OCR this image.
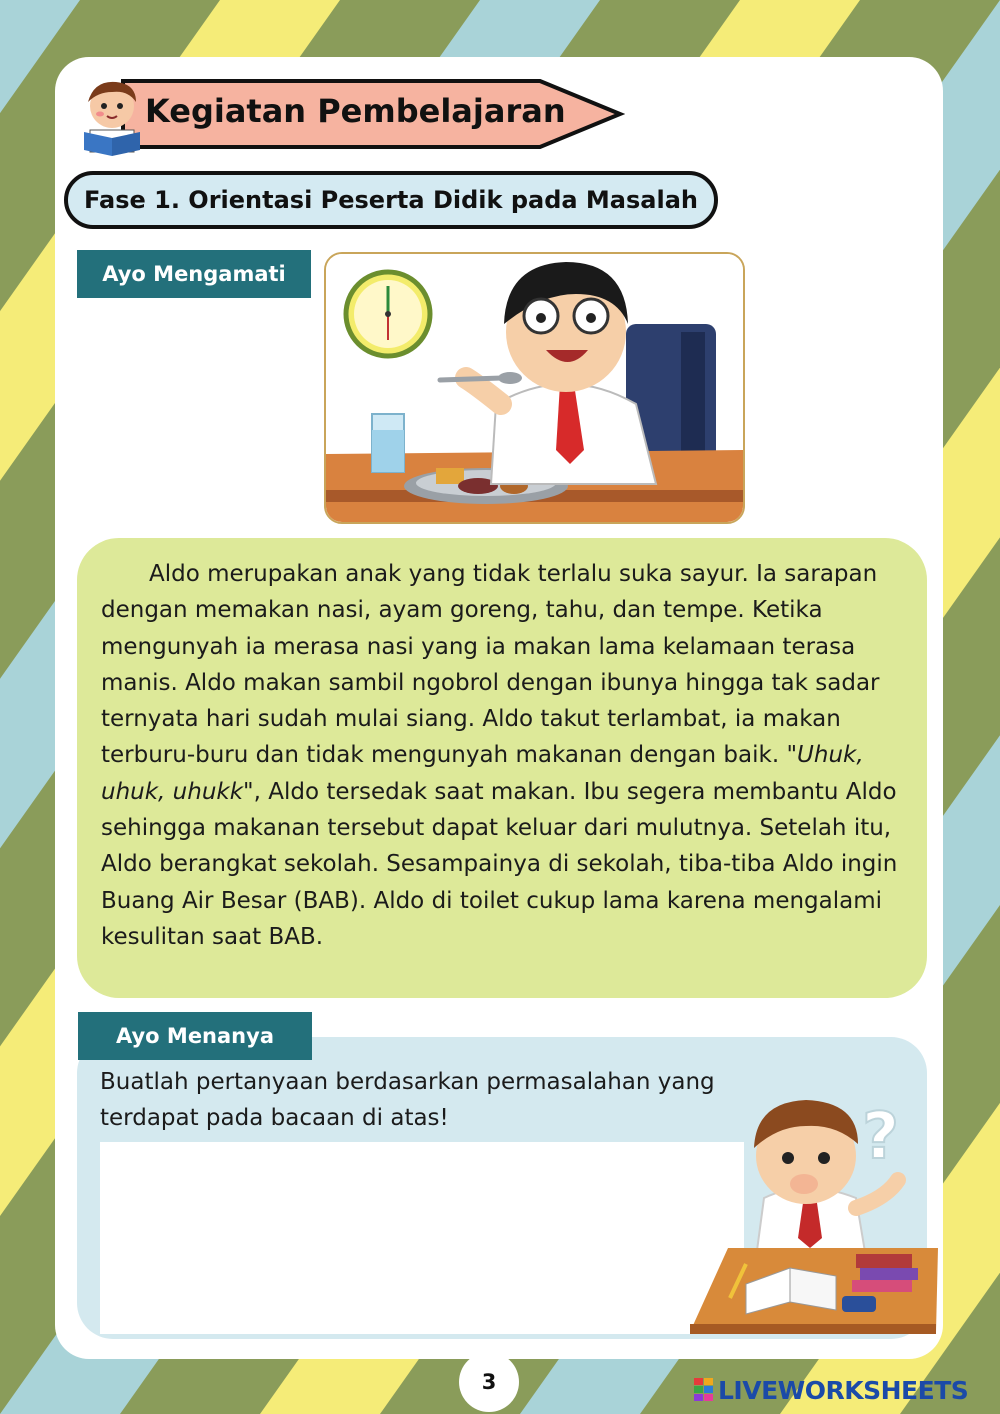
Kegiatan Pembelajaran
Fase 1. Orientasi Peserta Didik pada Masalah
Ayo Mengamati

Aldo merupakan anak yang tidak terlalu suka sayur. Ia sarapan dengan memakan nasi, ayam goreng, tahu, dan tempe. Ketika mengunyah ia merasa nasi yang ia makan lama kelamaan terasa manis. Aldo makan sambil ngobrol dengan ibunya hingga tak sadar ternyata hari sudah mulai siang. Aldo takut terlambat, ia makan terburu-buru dan tidak mengunyah makanan dengan baik. "Uhuk, uhuk, uhukk", Aldo tersedak saat makan. Ibu segera membantu Aldo sehingga makanan tersebut dapat keluar dari mulutnya. Setelah itu, Aldo berangkat sekolah. Sesampainya di sekolah, tiba-tiba Aldo ingin Buang Air Besar (BAB). Aldo di toilet cukup lama karena mengalami kesulitan saat BAB.

Ayo Menanya
Buatlah pertanyaan berdasarkan permasalahan yang terdapat pada bacaan di atas!	?
3	LIVEWORKSHEETS
